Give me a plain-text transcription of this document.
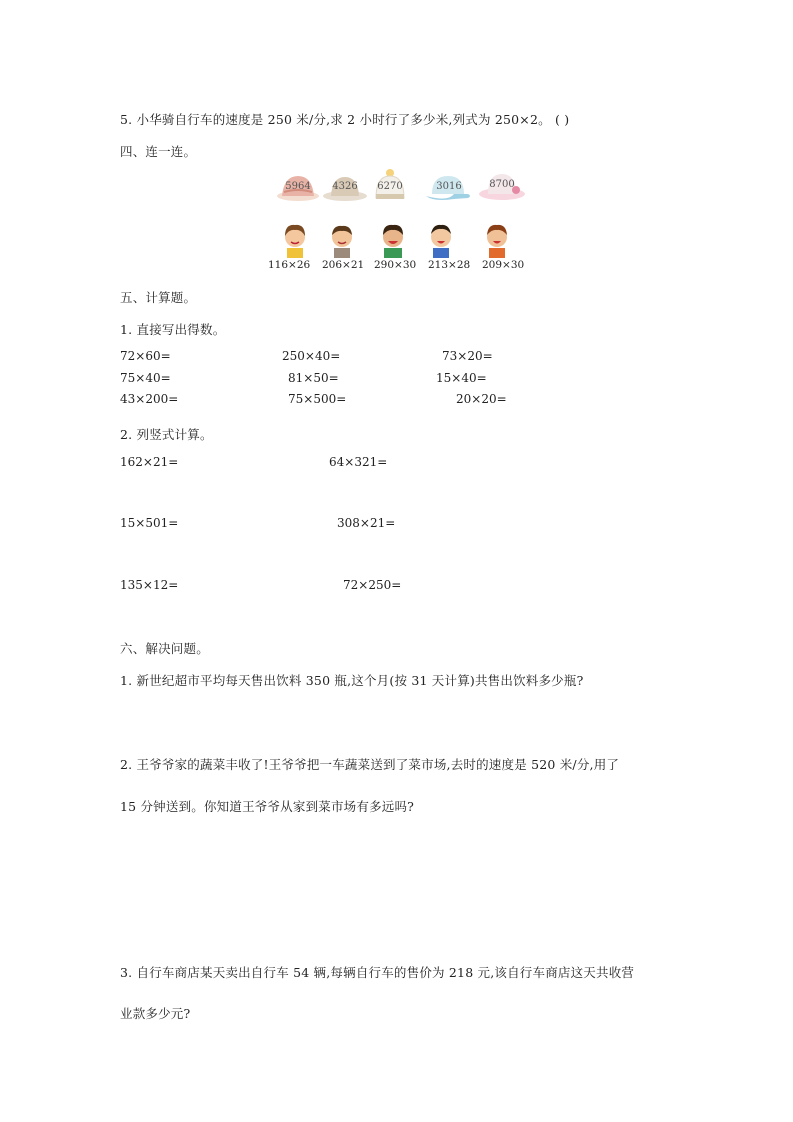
5. 小华骑自行车的速度是 250 米/分,求 2 小时行了多少米,列式为 250×2。 ( )
四、连一连。
5964	4326	6270	3016	8700
116×26 206×21 290×30 213×28 209×30
五、计算题。
1. 直接写出得数。
72×60=	250×40=	73×20=
75×40=	81×50=	15×40=
43×200=	75×500=	20×20=
2. 列竖式计算。
162×21=	64×321=
15×501=	308×21=
135×12=	72×250=
六、解决问题。
1. 新世纪超市平均每天售出饮料 350 瓶,这个月(按 31 天计算)共售出饮料多少瓶?
2. 王爷爷家的蔬菜丰收了!王爷爷把一车蔬菜送到了菜市场,去时的速度是 520 米/分,用了
15 分钟送到。你知道王爷爷从家到菜市场有多远吗?
3. 自行车商店某天卖出自行车 54 辆,每辆自行车的售价为 218 元,该自行车商店这天共收营
业款多少元?
